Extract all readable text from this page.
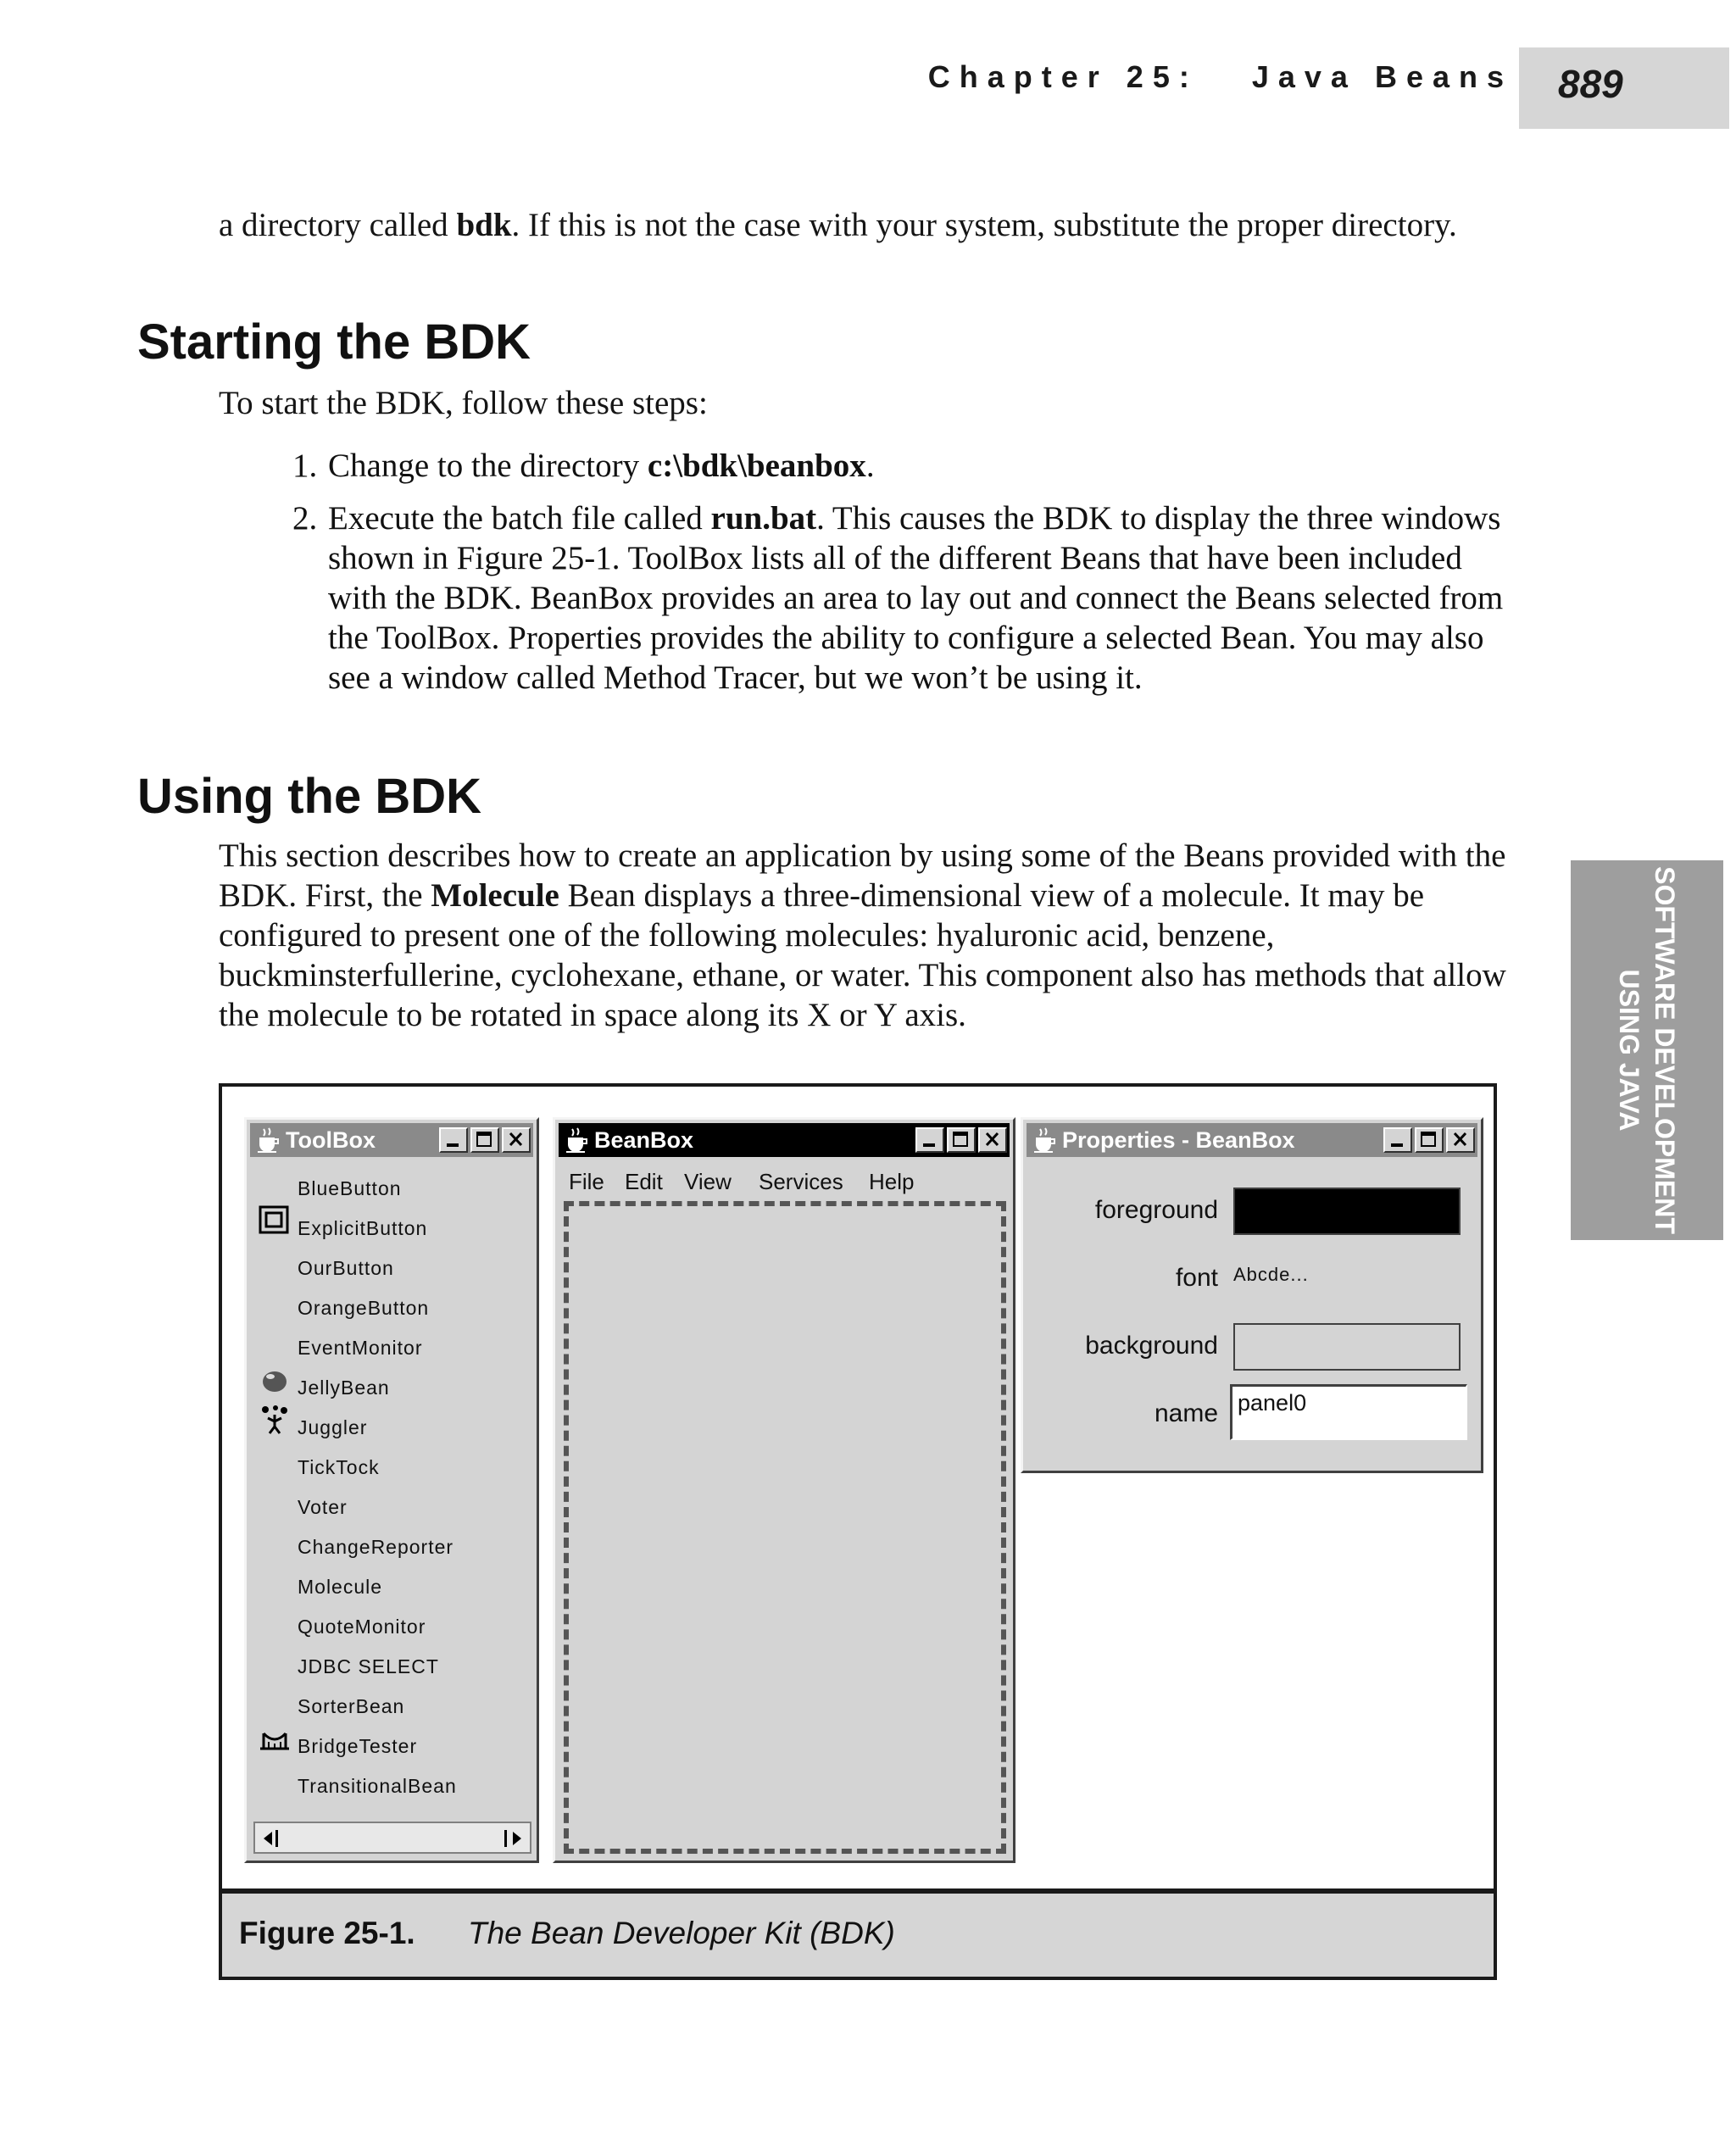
Chapter 25: Java Beans 889
SOFTWARE DEVELOPMENT
USING JAVA
a directory called bdk. If this is not the case with your system, substitute the proper directory.
Starting the BDK
To start the BDK, follow these steps:
1. Change to the directory c:\bdk\beanbox.
2. Execute the batch file called run.bat. This causes the BDK to display the three windows shown in Figure 25-1. ToolBox lists all of the different Beans that have been included with the BDK. BeanBox provides an area to lay out and connect the Beans selected from the ToolBox. Properties provides the ability to configure a selected Bean. You may also see a window called Method Tracer, but we won’t be using it.
Using the BDK
This section describes how to create an application by using some of the Beans provided with the BDK. First, the Molecule Bean displays a three-dimensional view of a molecule. It may be configured to present one of the following molecules: hyaluronic acid, benzene, buckminsterfullerine, cyclohexane, ethane, or water. This component also has methods that allow the molecule to be rotated in space along its X or Y axis.
ToolBox
BlueButton
ExplicitButton
OurButton
OrangeButton
EventMonitor
JellyBean
Juggler
TickTock
Voter
ChangeReporter
Molecule
QuoteMonitor
JDBC SELECT
SorterBean
BridgeTester
TransitionalBean
BeanBox
File Edit View Services Help
Properties - BeanBox
foreground
font Abcde...
background
name
panel0
Figure 25-1. The Bean Developer Kit (BDK)
